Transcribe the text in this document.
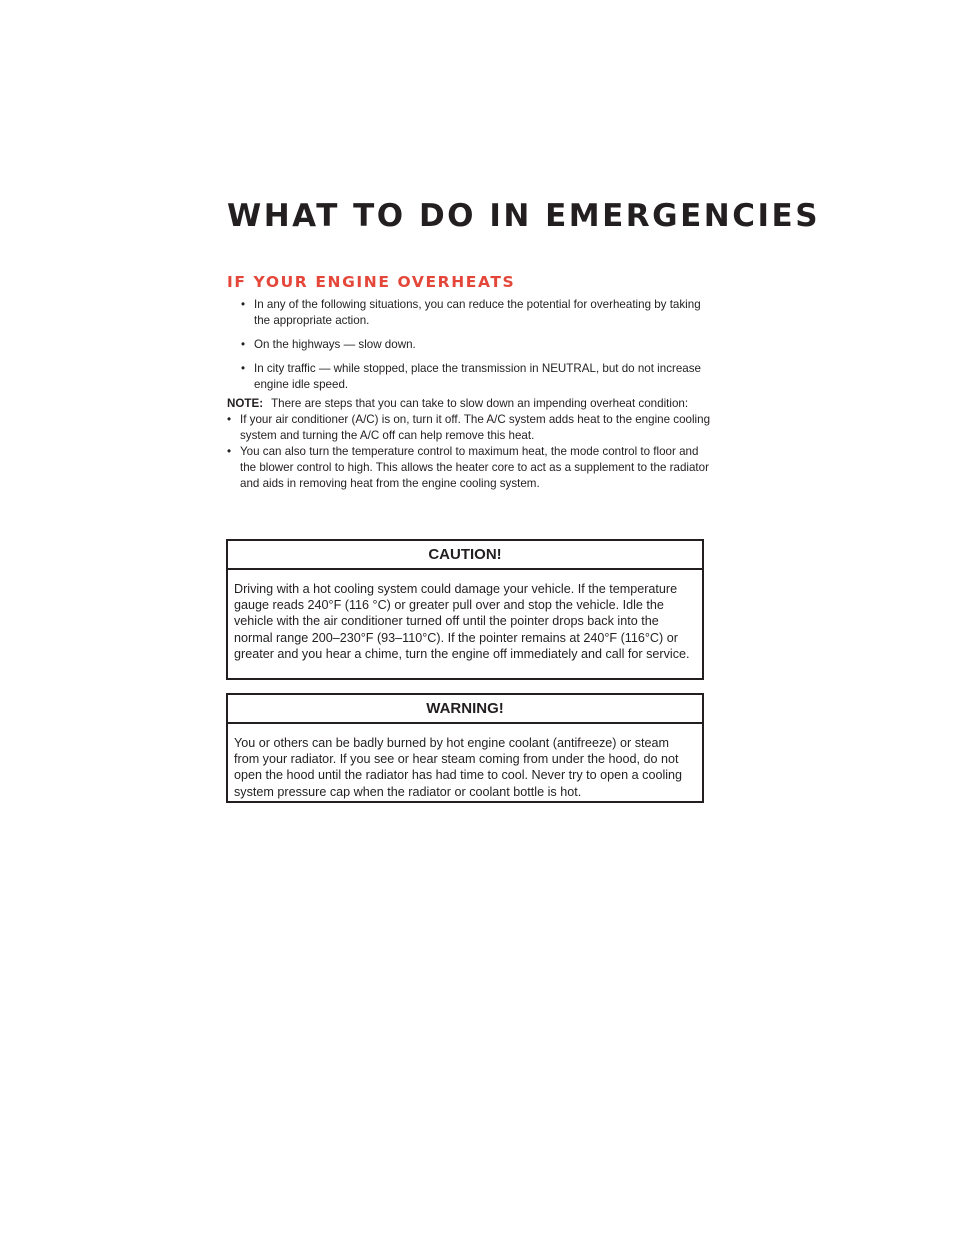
WHAT TO DO IN EMERGENCIES
IF YOUR ENGINE OVERHEATS
• In any of the following situations, you can reduce the potential for overheating by taking the appropriate action.
• On the highways — slow down.
• In city traffic — while stopped, place the transmission in NEUTRAL, but do not increase engine idle speed.
NOTE: There are steps that you can take to slow down an impending overheat condition:
• If your air conditioner (A/C) is on, turn it off. The A/C system adds heat to the engine cooling system and turning the A/C off can help remove this heat.
• You can also turn the temperature control to maximum heat, the mode control to floor and the blower control to high. This allows the heater core to act as a supplement to the radiator and aids in removing heat from the engine cooling system.
CAUTION!
Driving with a hot cooling system could damage your vehicle. If the temperature gauge reads 240°F (116 °C) or greater pull over and stop the vehicle. Idle the vehicle with the air conditioner turned off until the pointer drops back into the normal range 200–230°F (93–110°C). If the pointer remains at 240°F (116°C) or greater and you hear a chime, turn the engine off immediately and call for service.
WARNING!
You or others can be badly burned by hot engine coolant (antifreeze) or steam from your radiator. If you see or hear steam coming from under the hood, do not open the hood until the radiator has had time to cool. Never try to open a cooling system pressure cap when the radiator or coolant bottle is hot.
